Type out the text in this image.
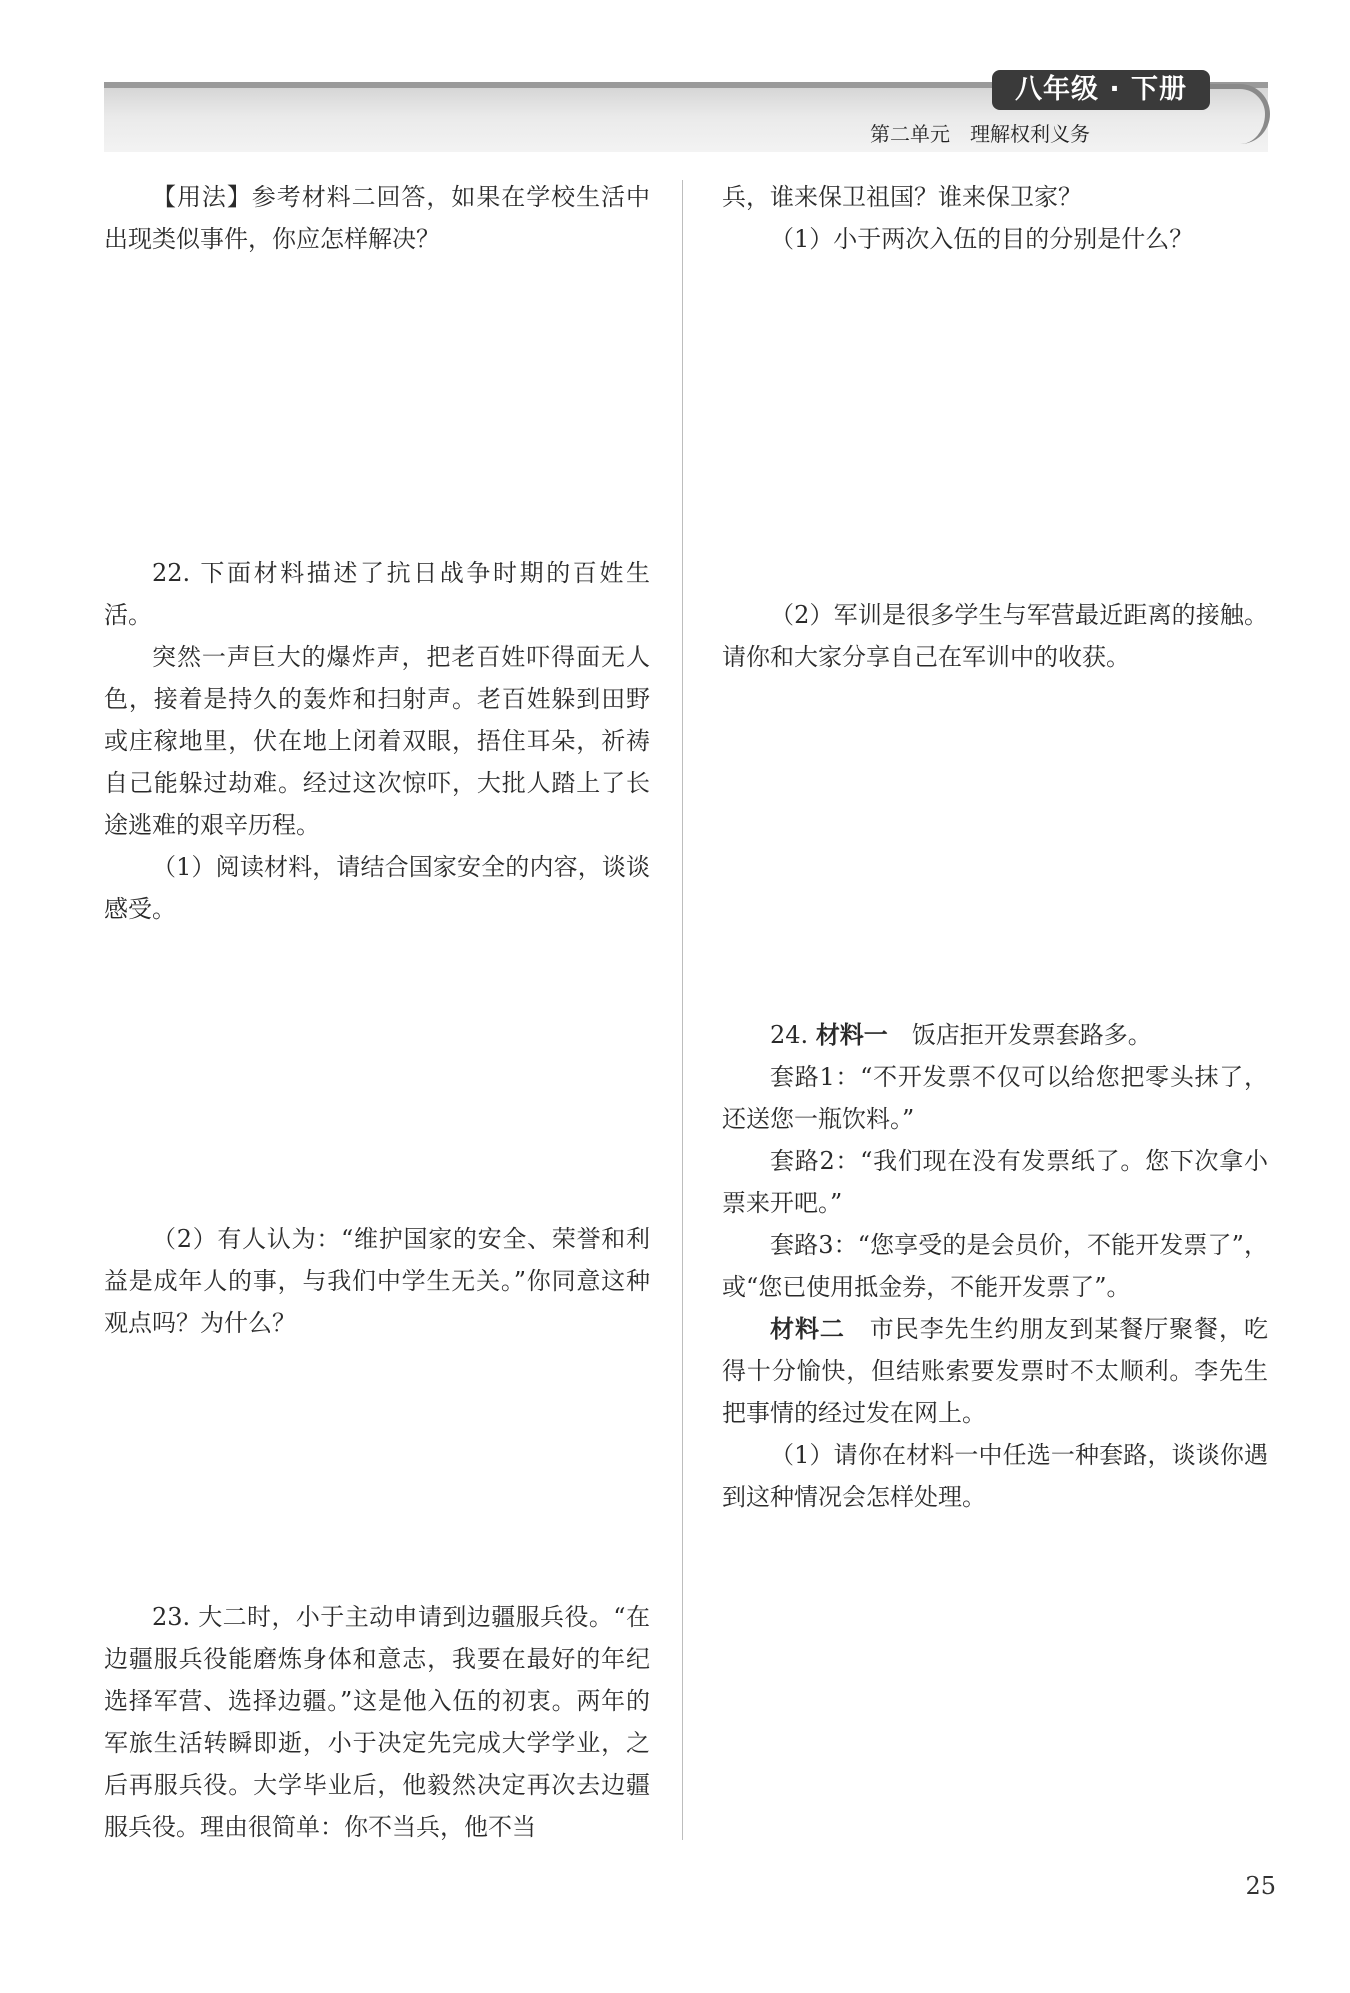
八年级 · 下册
第二单元　理解权利义务

【用法】参考材料二回答，如果在学校生活中出现类似事件，你应怎样解决？

22. 下面材料描述了抗日战争时期的百姓生活。

突然一声巨大的爆炸声，把老百姓吓得面无人色，接着是持久的轰炸和扫射声。老百姓躲到田野或庄稼地里，伏在地上闭着双眼，捂住耳朵，祈祷自己能躲过劫难。经过这次惊吓，大批人踏上了长途逃难的艰辛历程。

（1）阅读材料，请结合国家安全的内容，谈谈感受。

（2）有人认为：“维护国家的安全、荣誉和利益是成年人的事，与我们中学生无关。”你同意这种观点吗？为什么？

23. 大二时，小于主动申请到边疆服兵役。“在边疆服兵役能磨炼身体和意志，我要在最好的年纪选择军营、选择边疆。”这是他入伍的初衷。两年的军旅生活转瞬即逝，小于决定先完成大学学业，之后再服兵役。大学毕业后，他毅然决定再次去边疆服兵役。理由很简单：你不当兵，他不当

兵，谁来保卫祖国？谁来保卫家？

（1）小于两次入伍的目的分别是什么？

（2）军训是很多学生与军营最近距离的接触。请你和大家分享自己在军训中的收获。

24. 材料一　 饭店拒开发票套路多。

套路1：“不开发票不仅可以给您把零头抹了，还送您一瓶饮料。”

套路2：“我们现在没有发票纸了。您下次拿小票来开吧。”

套路3：“您享受的是会员价，不能开发票了”，或“您已使用抵金券，不能开发票了”。

材料二　 市民李先生约朋友到某餐厅聚餐，吃得十分愉快，但结账索要发票时不太顺利。李先生把事情的经过发在网上。

（1）请你在材料一中任选一种套路，谈谈你遇到这种情况会怎样处理。

25
